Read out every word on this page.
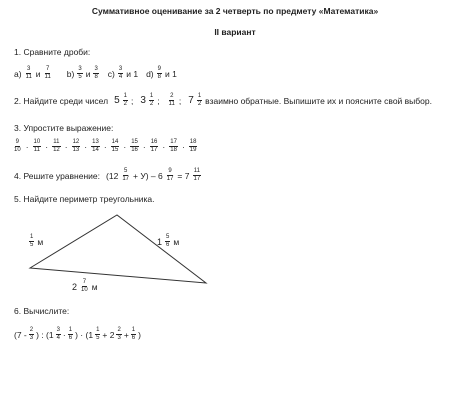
Суммативное оценивание за 2 четверть по предмету «Математика»
II вариант
1. Сравните дроби:
$a) \frac{3}{11}$ и $\frac{7}{11} b) \frac{3}{5}$ и $\frac{3}{8} c) \frac{3}{4}$ и 1 $d) \frac{9}{8}$ и 1
2. Найдите среди чисел $5 \frac{1}{2}$ ; $3 \frac{1}{2}$ ; $\frac{2}{11}$ ; $7 \frac{1}{2}$ взаимно обратные. Выпишите их и поясните свой выбор.
3. Упростите выражение:
$\frac{9}{10} \cdot \frac{10}{11} \cdot \frac{11}{12} \cdot \frac{12}{13} \cdot \frac{13}{14} \cdot \frac{14}{15} \cdot \frac{15}{16} \cdot \frac{16}{17} \cdot \frac{17}{18} \cdot \frac{18}{19}$
4. Решите уравнение: $(12 \frac{5}{17} + У) - 6 \frac{9}{17} = 7 \frac{11}{17}$
5. Найдите периметр треугольника.
$\frac{1}{5}$ м	$1 \frac{5}{6}$ м
$2 \frac{7}{10}$ м
6. Вычислите:
($7 - \frac{2}{3}$ ) : ($1 \frac{3}{4} \cdot \frac{1}{6}$ ) · ($1 \frac{1}{5} + 2 \frac{2}{3} + \frac{1}{6}$ )
